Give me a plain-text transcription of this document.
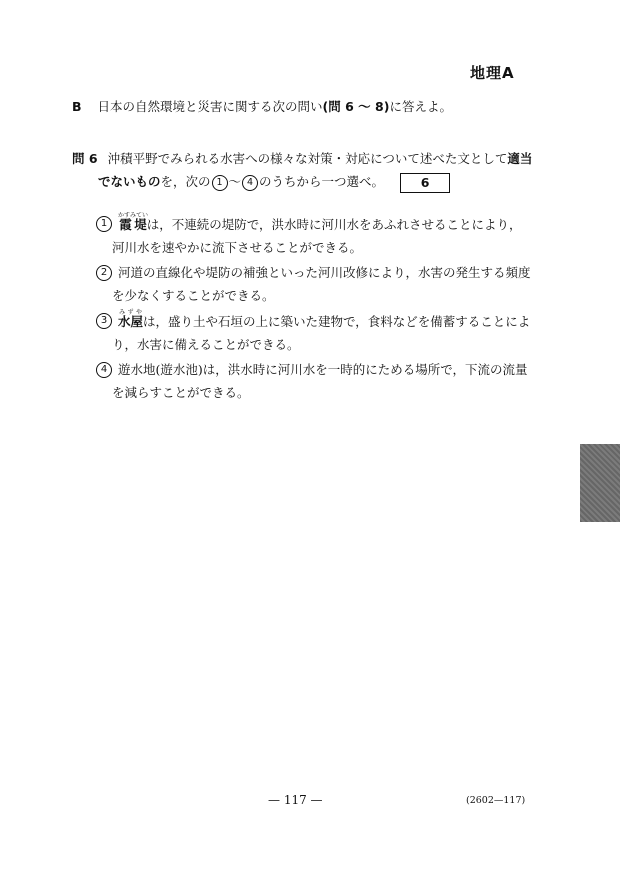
地理A
B 日本の自然環境と災害に関する次の問い(問 6 ～ 8)に答えよ。
問 6 沖積平野でみられる水害への様々な対策・対応について述べた文として適当
でないものを，次の 1 ～ 4 のうちから一つ選べ。	6
1 霞堤かすみていは，不連続の堤防で，洪水時に河川水をあふれさせることにより，
河川水を速やかに流下させることができる。
2 河道の直線化や堤防の補強といった河川改修により，水害の発生する頻度
を少なくすることができる。
3 水屋みずやは，盛り土や石垣の上に築いた建物で，食料などを備蓄することによ
り，水害に備えることができる。
4 遊水地(遊水池)は，洪水時に河川水を一時的にためる場所で，下流の流量
を減らすことができる。
— 117 —	(2602—117)
